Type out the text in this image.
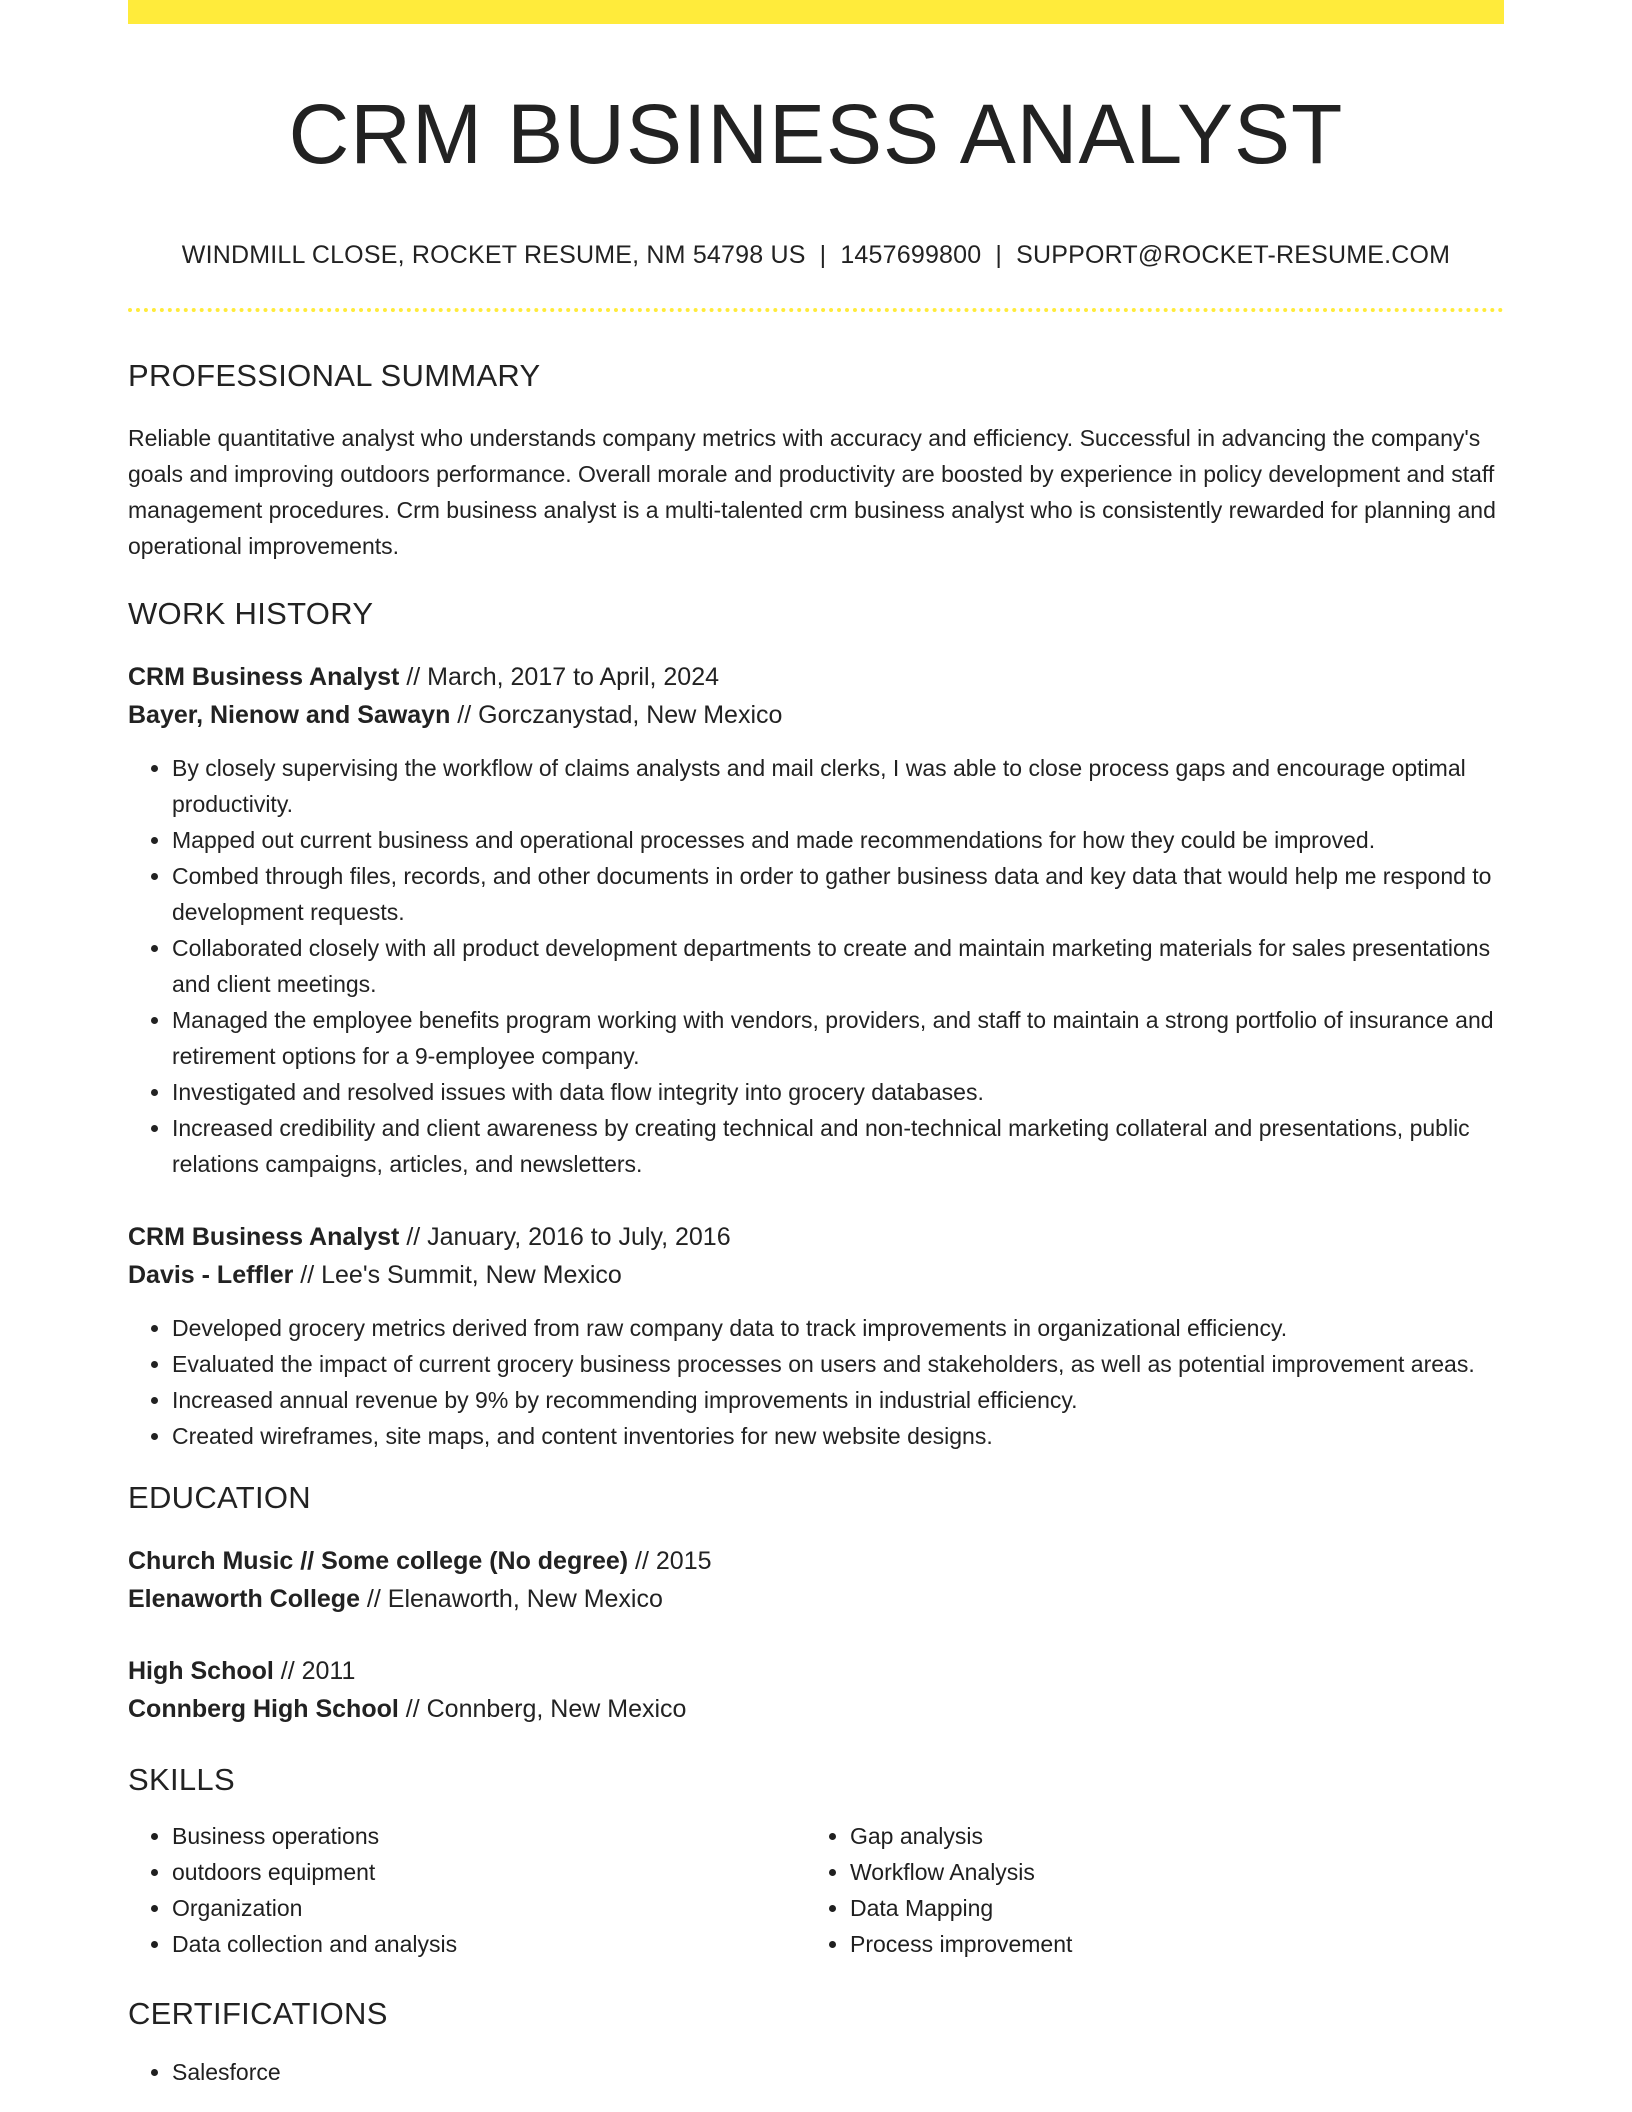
CRM BUSINESS ANALYST
WINDMILL CLOSE, ROCKET RESUME, NM 54798 US | 1457699800 | SUPPORT@ROCKET-RESUME.COM
PROFESSIONAL SUMMARY

Reliable quantitative analyst who understands company metrics with accuracy and efficiency. Successful in advancing the company's goals and improving outdoors performance. Overall morale and productivity are boosted by experience in policy development and staff management procedures. Crm business analyst is a multi-talented crm business analyst who is consistently rewarded for planning and operational improvements.

WORK HISTORY
CRM Business Analyst // March, 2017 to April, 2024
Bayer, Nienow and Sawayn // Gorczanystad, New Mexico
• By closely supervising the workflow of claims analysts and mail clerks, I was able to close process gaps and encourage optimal productivity.
• Mapped out current business and operational processes and made recommendations for how they could be improved.
• Combed through files, records, and other documents in order to gather business data and key data that would help me respond to development requests.
• Collaborated closely with all product development departments to create and maintain marketing materials for sales presentations and client meetings.
• Managed the employee benefits program working with vendors, providers, and staff to maintain a strong portfolio of insurance and retirement options for a 9-employee company.
• Investigated and resolved issues with data flow integrity into grocery databases.
• Increased credibility and client awareness by creating technical and non-technical marketing collateral and presentations, public relations campaigns, articles, and newsletters.
CRM Business Analyst // January, 2016 to July, 2016
Davis - Leffler // Lee's Summit, New Mexico
• Developed grocery metrics derived from raw company data to track improvements in organizational efficiency.
• Evaluated the impact of current grocery business processes on users and stakeholders, as well as potential improvement areas.
• Increased annual revenue by 9% by recommending improvements in industrial efficiency.
• Created wireframes, site maps, and content inventories for new website designs.
EDUCATION
Church Music // Some college (No degree) // 2015
Elenaworth College // Elenaworth, New Mexico
High School // 2011
Connberg High School // Connberg, New Mexico
SKILLS
• Business operations
• outdoors equipment
• Organization
• Data collection and analysis
• Gap analysis
• Workflow Analysis
• Data Mapping
• Process improvement
CERTIFICATIONS
• Salesforce
